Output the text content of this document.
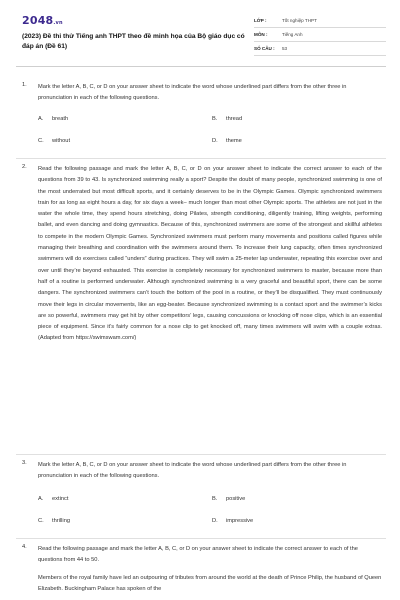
2048.vn
(2023) Đề thi thử Tiếng anh THPT theo đề minh họa của Bộ giáo dục có đáp án (Đề 61)
LỚP :	Tốt nghiệp THPT
MÔN :	Tiếng Anh
SỐ CÂU :	53
1. Mark the letter A, B, C, or D on your answer sheet to indicate the word whose underlined part differs from the other three in pronunciation in each of the following questions.
A. breath	B. thread
C. without	D. theme
2. Read the following passage and mark the letter A, B, C, or D on your answer sheet to indicate the correct answer to each of the questions from 39 to 43. Is synchronized swimming really a sport? Despite the doubt of many people, synchronized swimming is one of the most underrated but most difficult sports, and it certainly deserves to be in the Olympic Games. Olympic synchronized swimmers train for as long as eight hours a day, for six days a week– much longer than most other Olympic sports. The athletes are not just in the water the whole time, they spend hours stretching, doing Pilates, strength conditioning, diligently training, lifting weights, performing ballet, and even dancing and doing gymnastics. Because of this, synchronized swimmers are some of the strongest and skillful athletes to compete in the modern Olympic Games. Synchronized swimmers must perform many movements and positions called figures while managing their breathing and coordination with the swimmers around them. To increase their lung capacity, often times synchronized swimmers will do exercises called “unders” during practices. They will swim a 25-meter lap underwater, repeating this exercise over and over until they’re beyond exhausted. This exercise is completely necessary for synchronized swimmers to master, because more than half of a routine is performed underwater. Although synchronized swimming is a very graceful and beautiful sport, there can be some dangers. The synchronized swimmers can’t touch the bottom of the pool in a routine, or they’ll be disqualified. They must continuously move their legs in circular movements, like an egg-beater. Because synchronized swimming is a contact sport and the swimmer’s kicks are so powerful, swimmers may get hit by other competitors’ legs, causing concussions or knocking off nose clips, which is an essential piece of equipment. Since it’s fairly common for a nose clip to get knocked off, many times swimmers will swim with a couple extras. (Adapted from https://swimswam.com/)
3. Mark the letter A, B, C, or D on your answer sheet to indicate the word whose underlined part differs from the other three in pronunciation in each of the following questions.
A. extinct	B. positive
C. thrilling	D. impressive
4. Read the following passage and mark the letter A, B, C, or D on your answer sheet to indicate the correct answer to each of the questions from 44 to 50.
Members of the royal family have led an outpouring of tributes from around the world at the death of Prince Philip, the husband of Queen Elizabeth. Buckingham Palace has spoken of the
